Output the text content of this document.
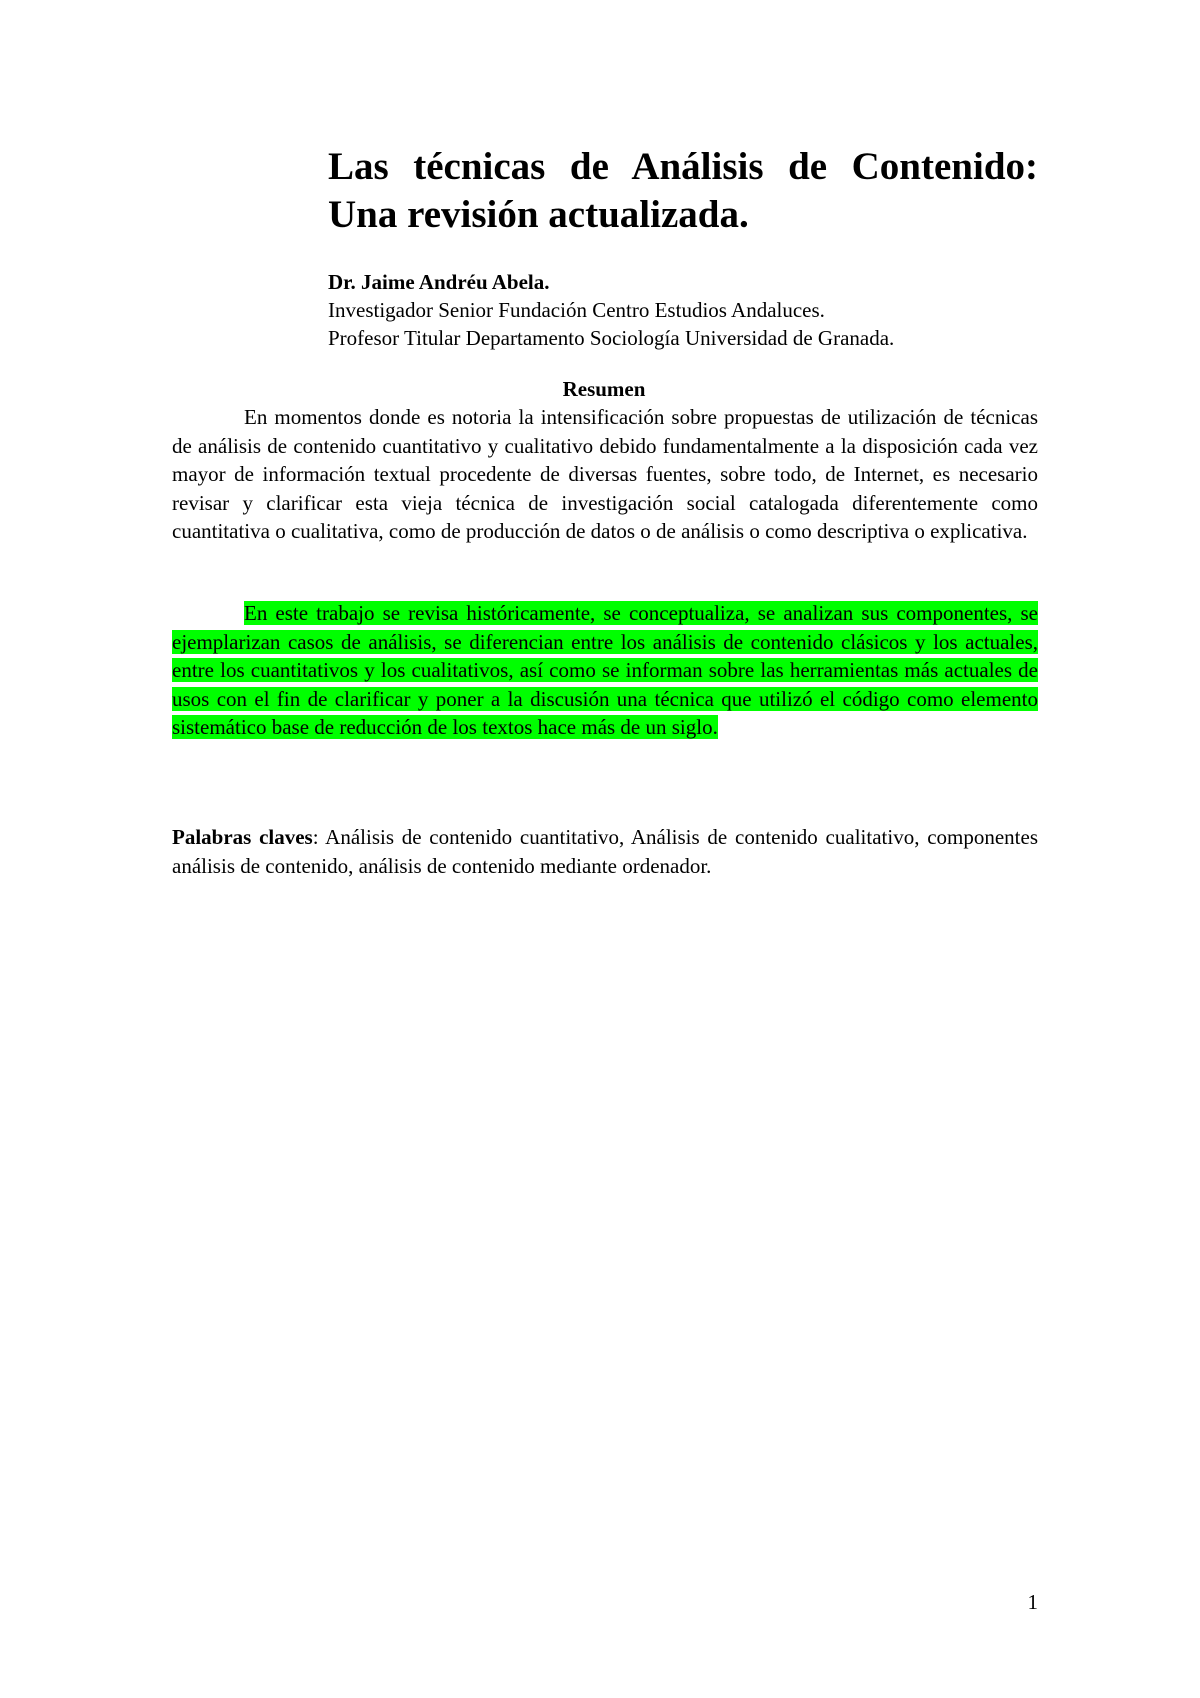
Las técnicas de Análisis de Contenido:
Una revisión actualizada.
Dr. Jaime Andréu Abela.
Investigador Senior Fundación Centro Estudios Andaluces.
Profesor Titular Departamento Sociología Universidad de Granada.
Resumen

En momentos donde es notoria la intensificación sobre propuestas de utilización de técnicas de análisis de contenido cuantitativo y cualitativo debido fundamentalmente a la disposición cada vez mayor de información textual procedente de diversas fuentes, sobre todo, de Internet, es necesario revisar y clarificar esta vieja técnica de investigación social catalogada diferentemente como cuantitativa o cualitativa, como de producción de datos o de análisis o como descriptiva o explicativa.

En este trabajo se revisa históricamente, se conceptualiza, se analizan sus componentes, se ejemplarizan casos de análisis, se diferencian entre los análisis de contenido clásicos y los actuales, entre los cuantitativos y los cualitativos, así como se informan sobre las herramientas más actuales de usos con el fin de clarificar y poner a la discusión una técnica que utilizó el código como elemento sistemático base de reducción de los textos hace más de un siglo.

Palabras claves: Análisis de contenido cuantitativo, Análisis de contenido cualitativo, componentes análisis de contenido, análisis de contenido mediante ordenador.
1
